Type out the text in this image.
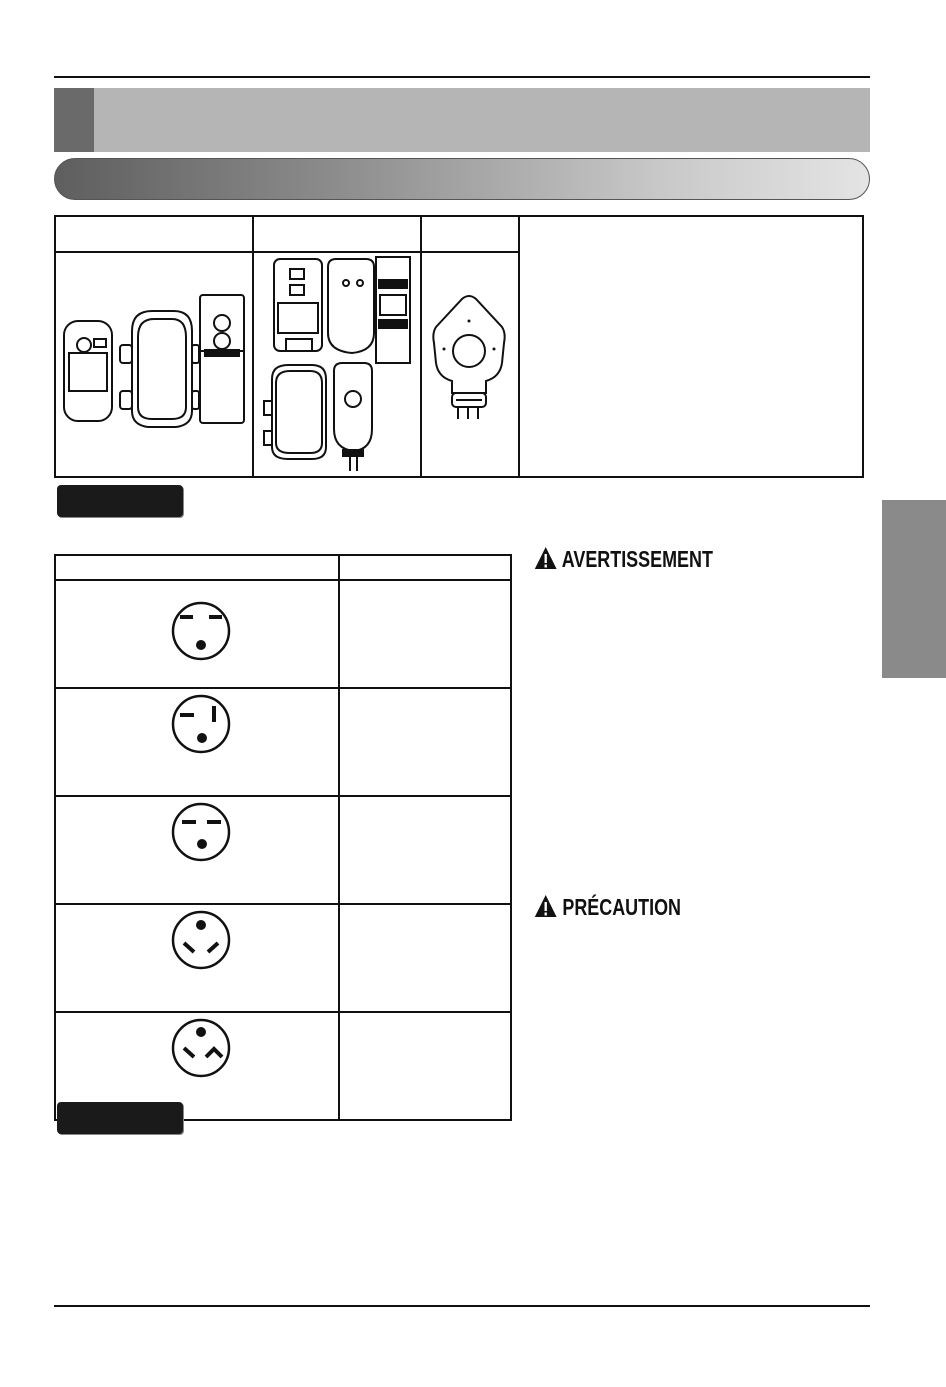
AVERTISSEMENT
PRÉCAUTION
